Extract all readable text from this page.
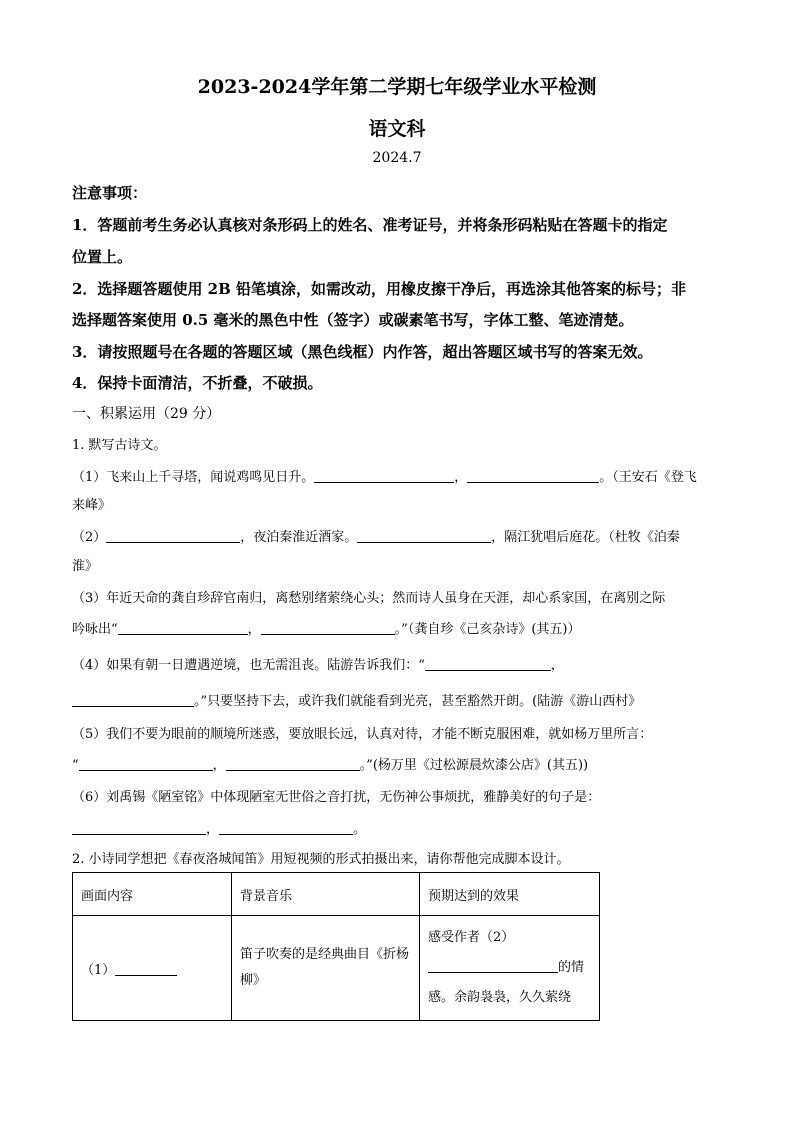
2023-2024学年第二学期七年级学业水平检测
语文科
2024.7
注意事项：
1．答题前考生务必认真核对条形码上的姓名、准考证号，并将条形码粘贴在答题卡的指定
位置上。
2．选择题答题使用 2B 铅笔填涂，如需改动，用橡皮擦干净后，再选涂其他答案的标号；非
选择题答案使用 0.5 毫米的黑色中性（签字）或碳素笔书写，字体工整、笔迹清楚。
3．请按照题号在各题的答题区域（黑色线框）内作答，超出答题区域书写的答案无效。
4．保持卡面清洁，不折叠，不破损。
一、积累运用（29 分）
1. 默写古诗文。
（1）飞来山上千寻塔，闻说鸡鸣见日升。	，	。（王安石《登飞
来峰》
（2）	，夜泊秦淮近酒家。	，隔江犹唱后庭花。（杜牧《泊秦
淮》
（3）年近天命的龚自珍辞官南归，离愁别绪萦绕心头；然而诗人虽身在天涯，却心系家国，在离别之际
吟咏出“	，	。”（龚自珍《己亥杂诗》(其五)）
（4）如果有朝一日遭遇逆境，也无需沮丧。陆游告诉我们：“	，
。”只要坚持下去，或许我们就能看到光亮，甚至豁然开朗。(陆游《游山西村》
（5）我们不要为眼前的顺境所迷惑，要放眼长远，认真对待，才能不断克服困难，就如杨万里所言：
“	，	。”(杨万里《过松源晨炊漆公店》(其五))
（6）刘禹锡《陋室铭》中体现陋室无世俗之音打扰，无伤神公事烦扰，雅静美好的句子是：
，	。
2. 小诗同学想把《春夜洛城闻笛》用短视频的形式拍摄出来，请你帮他完成脚本设计。
画面内容	背景音乐	预期达到的效果
（1）	笛子吹奏的是经典曲目《折杨柳》	感受作者（2）
的情
感。余韵袅袅，久久萦绕
